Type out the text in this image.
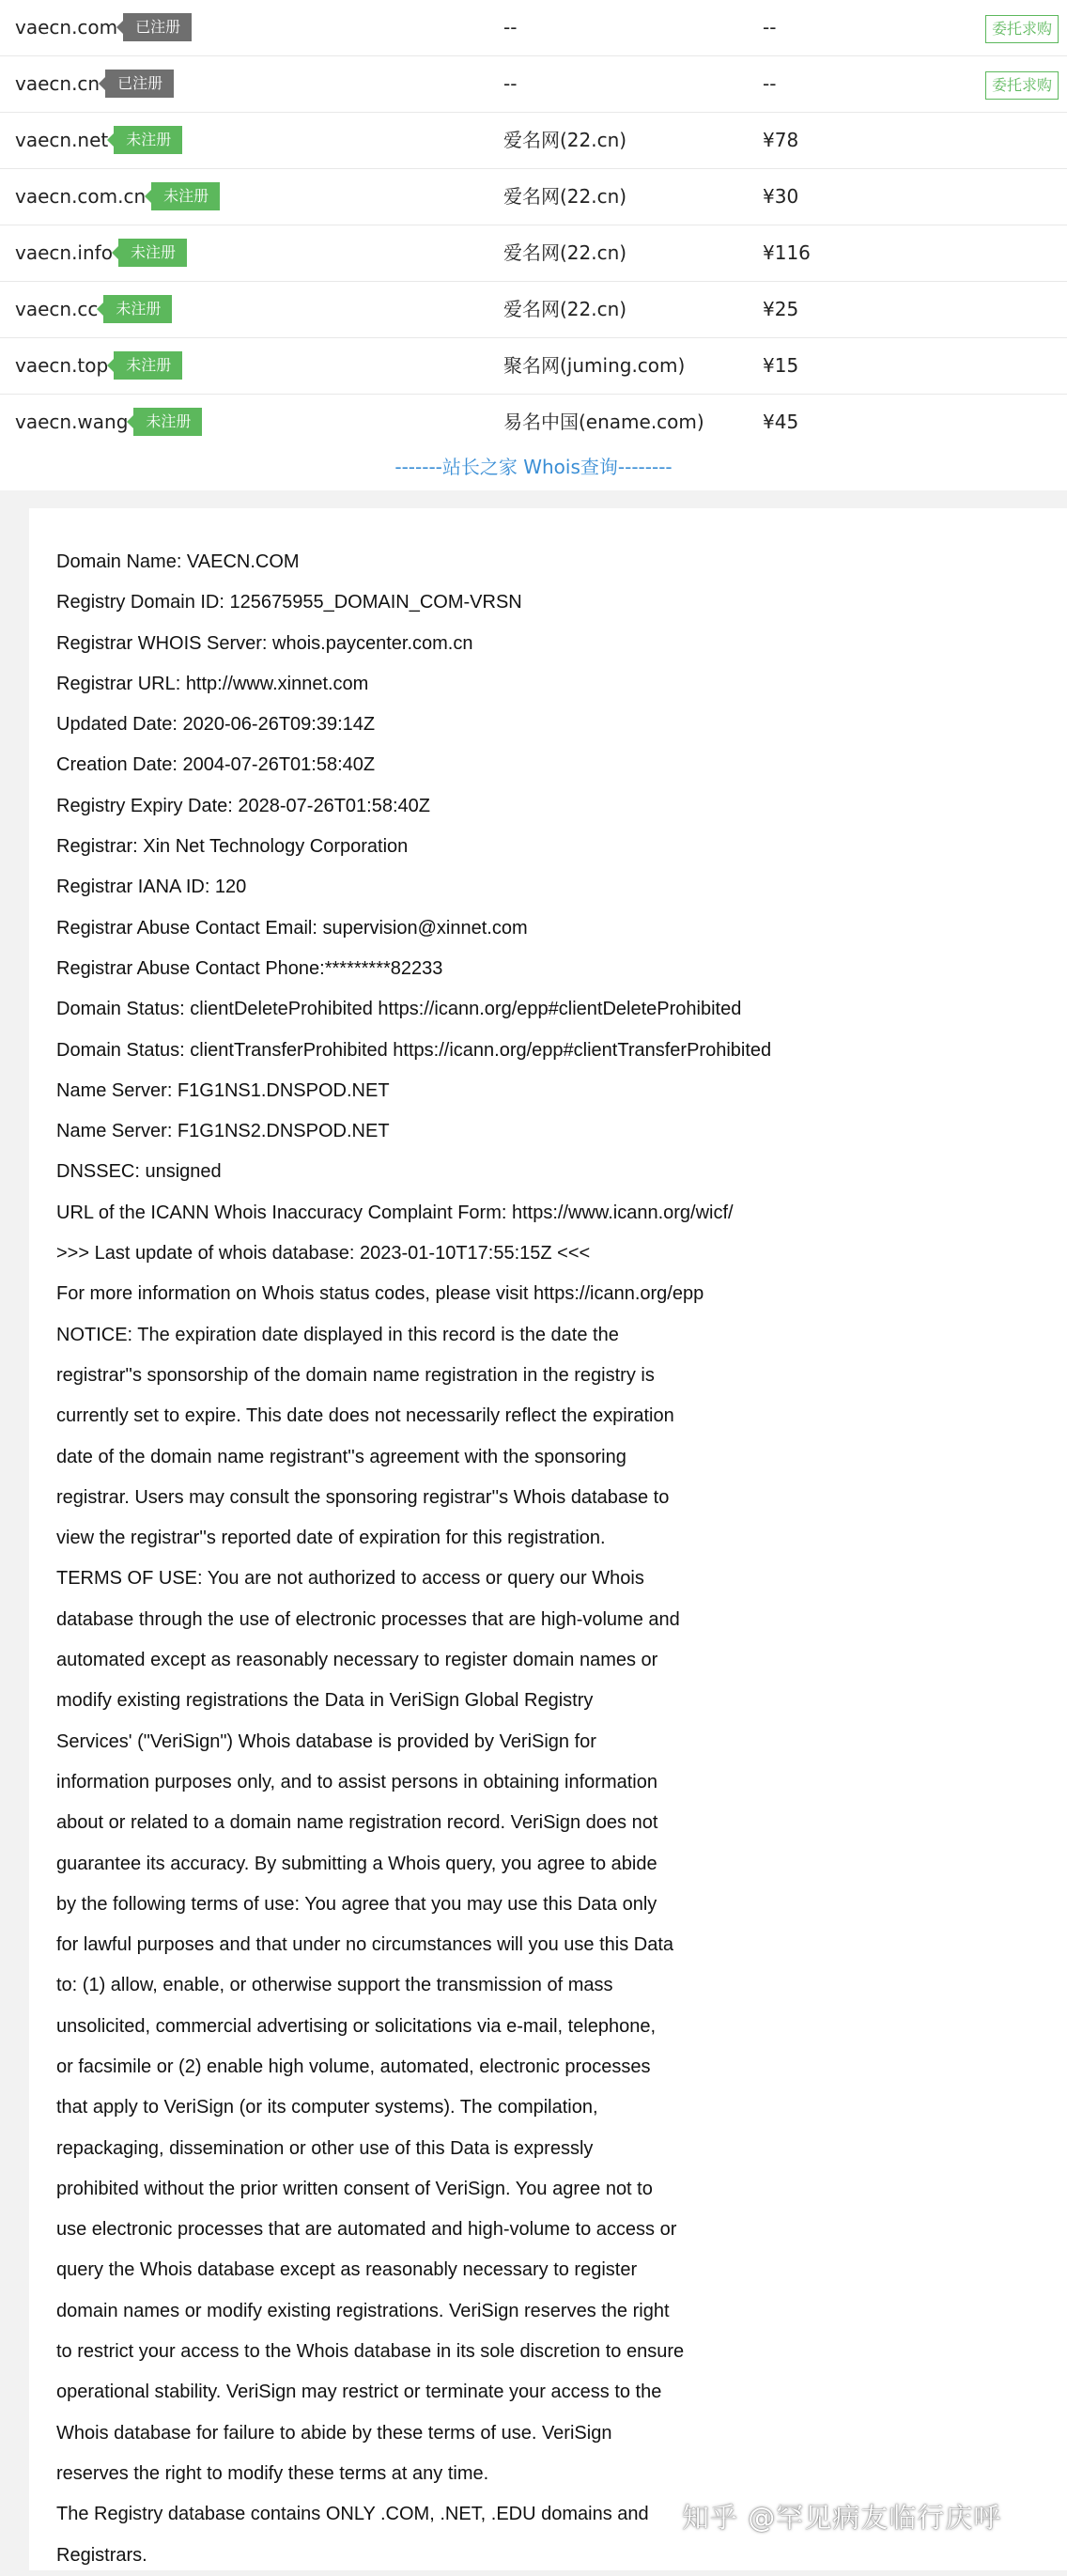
vaecn.com 已注册	--	--	委托求购
vaecn.cn 已注册	--	--	委托求购
vaecn.net 未注册	爱名网(22.cn)	¥78
vaecn.com.cn 未注册	爱名网(22.cn)	¥30
vaecn.info 未注册	爱名网(22.cn)	¥116
vaecn.cc 未注册	爱名网(22.cn)	¥25
vaecn.top 未注册	聚名网(juming.com)	¥15
vaecn.wang 未注册	易名中国(ename.com)	¥45
-------站长之家 Whois查询--------
Domain Name: VAECN.COM
Registry Domain ID: 125675955_DOMAIN_COM-VRSN
Registrar WHOIS Server: whois.paycenter.com.cn
Registrar URL: http://www.xinnet.com
Updated Date: 2020-06-26T09:39:14Z
Creation Date: 2004-07-26T01:58:40Z
Registry Expiry Date: 2028-07-26T01:58:40Z
Registrar: Xin Net Technology Corporation
Registrar IANA ID: 120
Registrar Abuse Contact Email: supervision@xinnet.com
Registrar Abuse Contact Phone:*********82233
Domain Status: clientDeleteProhibited https://icann.org/epp#clientDeleteProhibited
Domain Status: clientTransferProhibited https://icann.org/epp#clientTransferProhibited
Name Server: F1G1NS1.DNSPOD.NET
Name Server: F1G1NS2.DNSPOD.NET
DNSSEC: unsigned
URL of the ICANN Whois Inaccuracy Complaint Form: https://www.icann.org/wicf/
>>> Last update of whois database: 2023-01-10T17:55:15Z <<<
For more information on Whois status codes, please visit https://icann.org/epp
NOTICE: The expiration date displayed in this record is the date the
registrar''s sponsorship of the domain name registration in the registry is
currently set to expire. This date does not necessarily reflect the expiration
date of the domain name registrant''s agreement with the sponsoring
registrar. Users may consult the sponsoring registrar''s Whois database to
view the registrar''s reported date of expiration for this registration.
TERMS OF USE: You are not authorized to access or query our Whois
database through the use of electronic processes that are high-volume and
automated except as reasonably necessary to register domain names or
modify existing registrations the Data in VeriSign Global Registry
Services' ("VeriSign") Whois database is provided by VeriSign for
information purposes only, and to assist persons in obtaining information
about or related to a domain name registration record. VeriSign does not
guarantee its accuracy. By submitting a Whois query, you agree to abide
by the following terms of use: You agree that you may use this Data only
for lawful purposes and that under no circumstances will you use this Data
to: (1) allow, enable, or otherwise support the transmission of mass
unsolicited, commercial advertising or solicitations via e-mail, telephone,
or facsimile or (2) enable high volume, automated, electronic processes
that apply to VeriSign (or its computer systems). The compilation,
repackaging, dissemination or other use of this Data is expressly
prohibited without the prior written consent of VeriSign. You agree not to
use electronic processes that are automated and high-volume to access or
query the Whois database except as reasonably necessary to register
domain names or modify existing registrations. VeriSign reserves the right
to restrict your access to the Whois database in its sole discretion to ensure
operational stability. VeriSign may restrict or terminate your access to the
Whois database for failure to abide by these terms of use. VeriSign
reserves the right to modify these terms at any time.
The Registry database contains ONLY .COM, .NET, .EDU domains and
Registrars.
知乎 @罕见病友临行庆呼
